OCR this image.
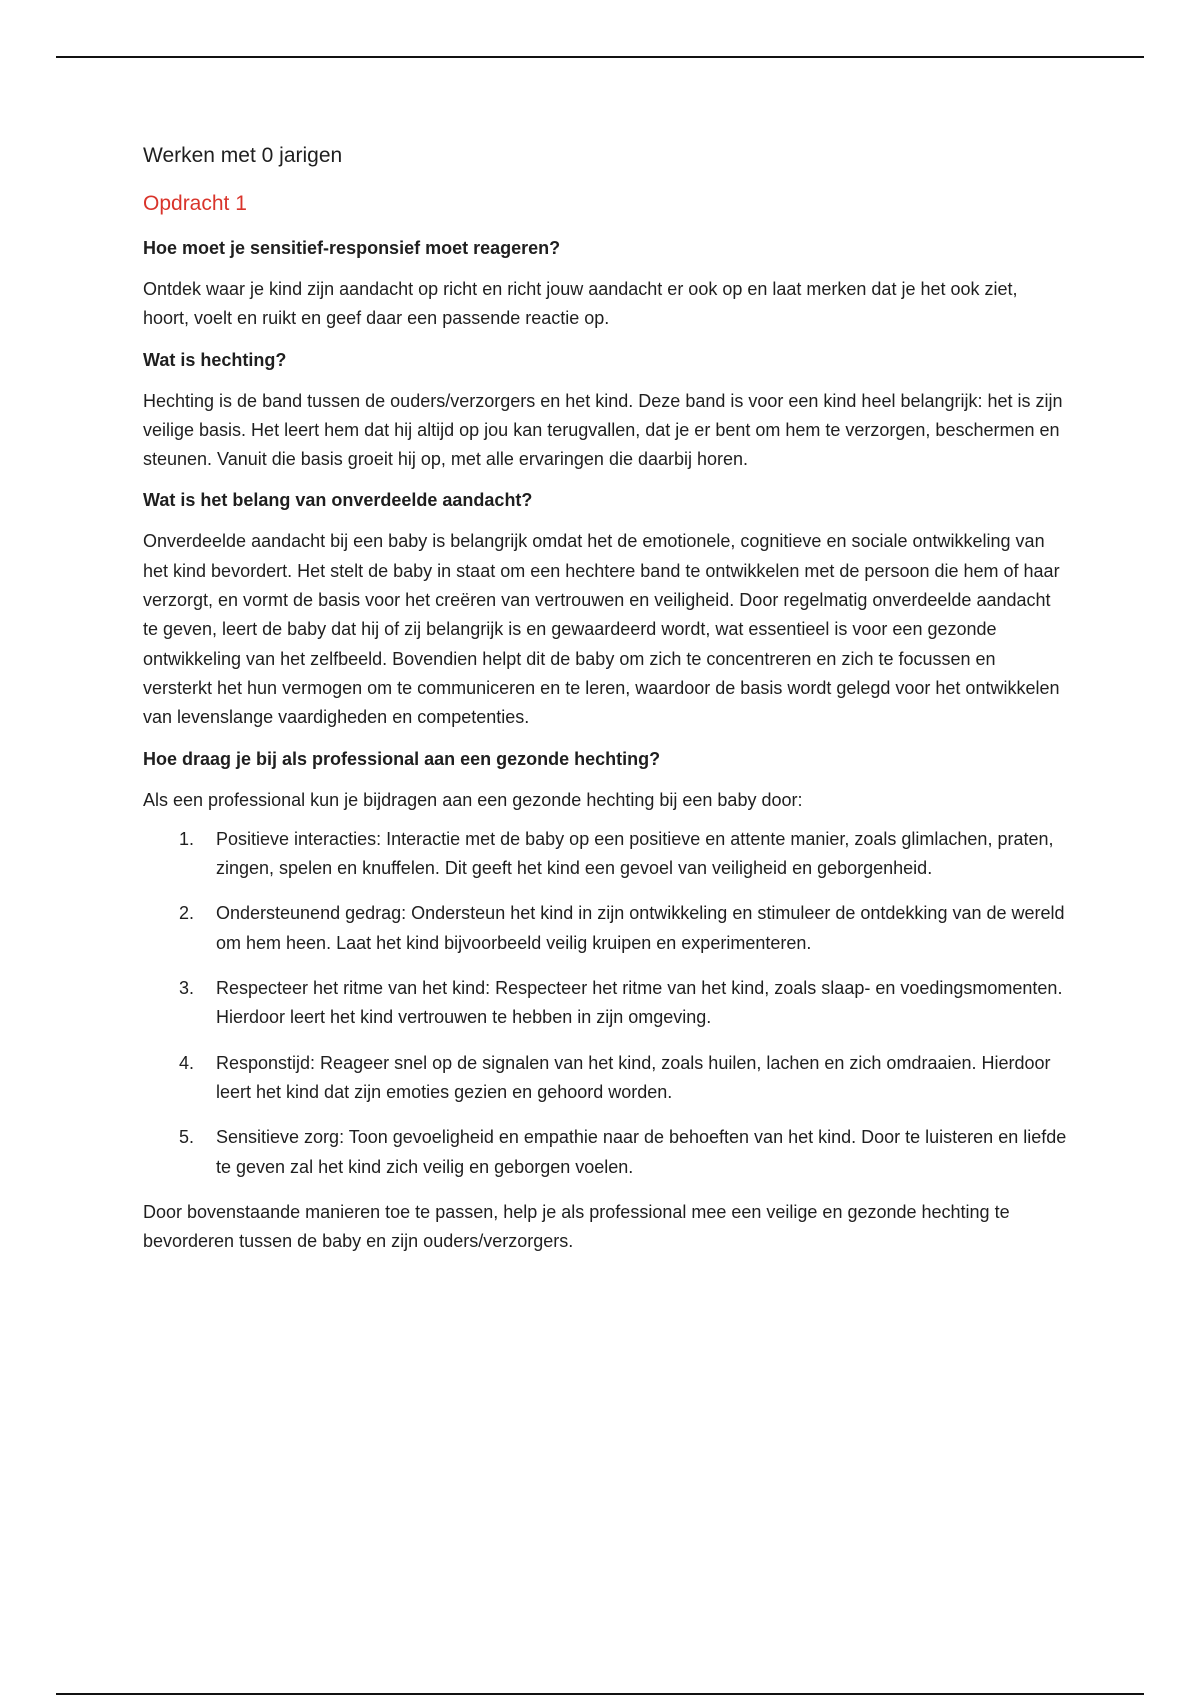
Werken met 0 jarigen
Opdracht 1
Hoe moet je sensitief-responsief moet reageren?
Ontdek waar je kind zijn aandacht op richt en richt jouw aandacht er ook op en laat merken dat je het ook ziet, hoort, voelt en ruikt en geef daar een passende reactie op.
Wat is hechting?
Hechting is de band tussen de ouders/verzorgers en het kind. Deze band is voor een kind heel belangrijk: het is zijn veilige basis. Het leert hem dat hij altijd op jou kan terugvallen, dat je er bent om hem te verzorgen, beschermen en steunen. Vanuit die basis groeit hij op, met alle ervaringen die daarbij horen.
Wat is het belang van onverdeelde aandacht?
Onverdeelde aandacht bij een baby is belangrijk omdat het de emotionele, cognitieve en sociale ontwikkeling van het kind bevordert. Het stelt de baby in staat om een hechtere band te ontwikkelen met de persoon die hem of haar verzorgt, en vormt de basis voor het creëren van vertrouwen en veiligheid. Door regelmatig onverdeelde aandacht te geven, leert de baby dat hij of zij belangrijk is en gewaardeerd wordt, wat essentieel is voor een gezonde ontwikkeling van het zelfbeeld. Bovendien helpt dit de baby om zich te concentreren en zich te focussen en versterkt het hun vermogen om te communiceren en te leren, waardoor de basis wordt gelegd voor het ontwikkelen van levenslange vaardigheden en competenties.
Hoe draag je bij als professional aan een gezonde hechting?
Als een professional kun je bijdragen aan een gezonde hechting bij een baby door:
1. Positieve interacties: Interactie met de baby op een positieve en attente manier, zoals glimlachen, praten, zingen, spelen en knuffelen. Dit geeft het kind een gevoel van veiligheid en geborgenheid.
2. Ondersteunend gedrag: Ondersteun het kind in zijn ontwikkeling en stimuleer de ontdekking van de wereld om hem heen. Laat het kind bijvoorbeeld veilig kruipen en experimenteren.
3. Respecteer het ritme van het kind: Respecteer het ritme van het kind, zoals slaap- en voedingsmomenten. Hierdoor leert het kind vertrouwen te hebben in zijn omgeving.
4. Responstijd: Reageer snel op de signalen van het kind, zoals huilen, lachen en zich omdraaien. Hierdoor leert het kind dat zijn emoties gezien en gehoord worden.
5. Sensitieve zorg: Toon gevoeligheid en empathie naar de behoeften van het kind. Door te luisteren en liefde te geven zal het kind zich veilig en geborgen voelen.
Door bovenstaande manieren toe te passen, help je als professional mee een veilige en gezonde hechting te bevorderen tussen de baby en zijn ouders/verzorgers.
